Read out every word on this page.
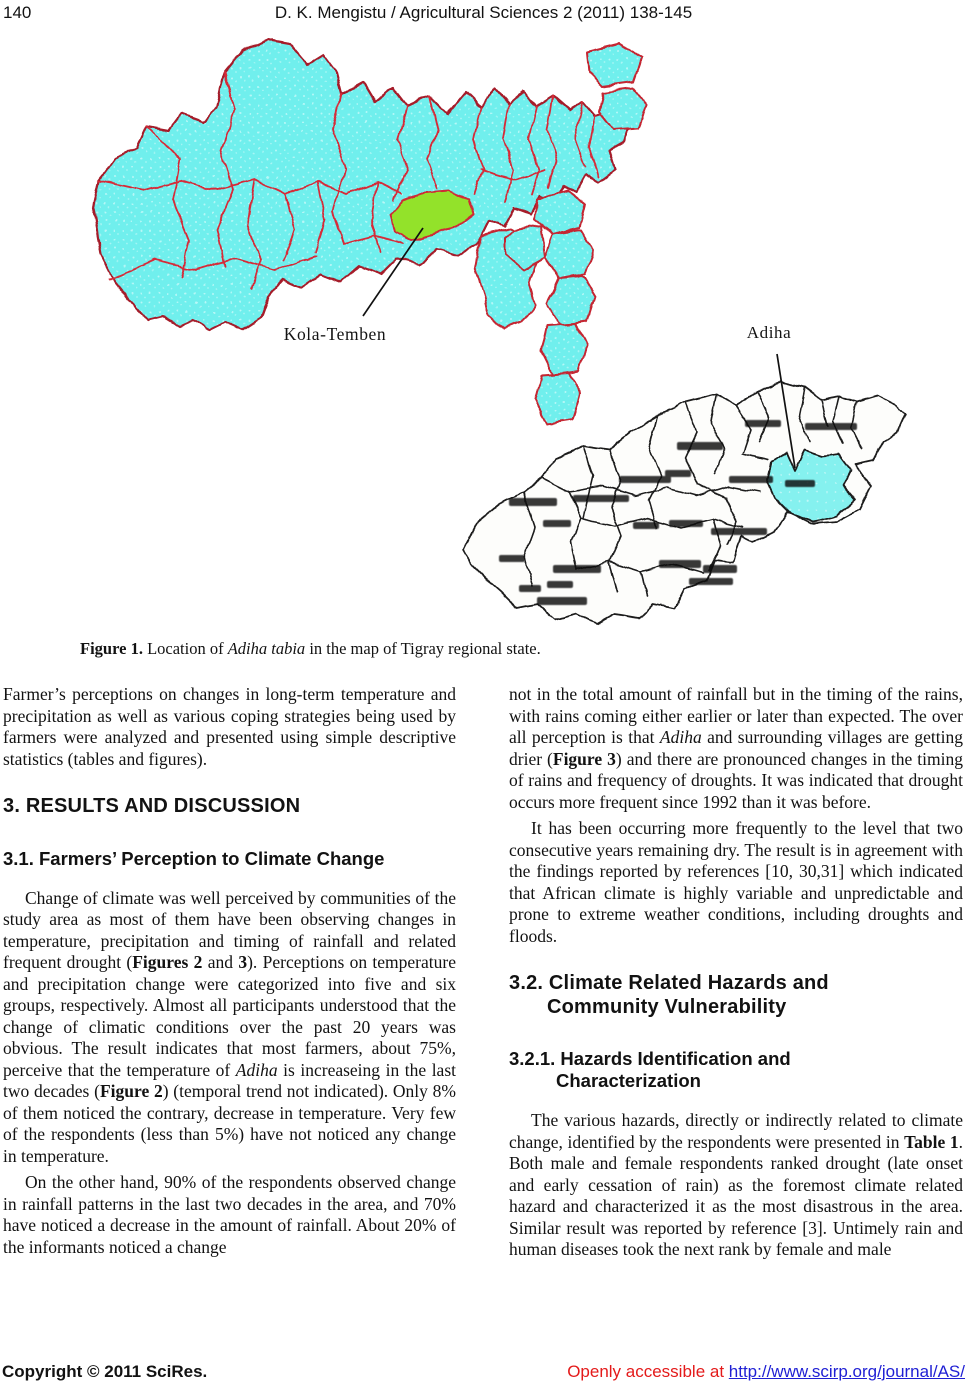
140	D. K. Mengistu / Agricultural Sciences 2 (2011) 138-145
Kola-Temben	Adiha
Figure 1. Location of Adiha tabia in the map of Tigray regional state.
Farmer’s perceptions on changes in long-term temperature and precipitation as well as various coping strategies being used by farmers were analyzed and presented using simple descriptive statistics (tables and figures).
3. RESULTS AND DISCUSSION
3.1. Farmers’ Perception to Climate Change
Change of climate was well perceived by communities of the study area as most of them have been observing changes in temperature, precipitation and timing of rainfall and related frequent drought (Figures 2 and 3). Perceptions on temperature and precipitation change were categorized into five and six groups, respectively. Almost all participants understood that the change of climatic conditions over the past 20 years was obvious. The result indicates that most farmers, about 75%, perceive that the temperature of Adiha is increaseing in the last two decades (Figure 2) (temporal trend not indicated). Only 8% of them noticed the contrary, decrease in temperature. Very few of the respondents (less than 5%) have not noticed any change in temperature.
On the other hand, 90% of the respondents observed change in rainfall patterns in the last two decades in the area, and 70% have noticed a decrease in the amount of rainfall. About 20% of the informants noticed a change
not in the total amount of rainfall but in the timing of the rains, with rains coming either earlier or later than expected. The over all perception is that Adiha and surrounding villages are getting drier (Figure 3) and there are pronounced changes in the timing of rains and frequency of droughts. It was indicated that drought occurs more frequent since 1992 than it was before.
It has been occurring more frequently to the level that two consecutive years remaining dry. The result is in agreement with the findings reported by references [10, 30,31] which indicated that African climate is highly variable and unpredictable and prone to extreme weather conditions, including droughts and floods.
3.2. Climate Related Hazards and
Community Vulnerability
3.2.1. Hazards Identification and
Characterization
The various hazards, directly or indirectly related to climate change, identified by the respondents were presented in Table 1. Both male and female respondents ranked drought (late onset and early cessation of rain) as the foremost climate related hazard and characterized it as the most disastrous in the area. Similar result was reported by reference [3]. Untimely rain and human diseases took the next rank by female and male
Copyright © 2011 SciRes.	Openly accessible at http://www.scirp.org/journal/AS/
